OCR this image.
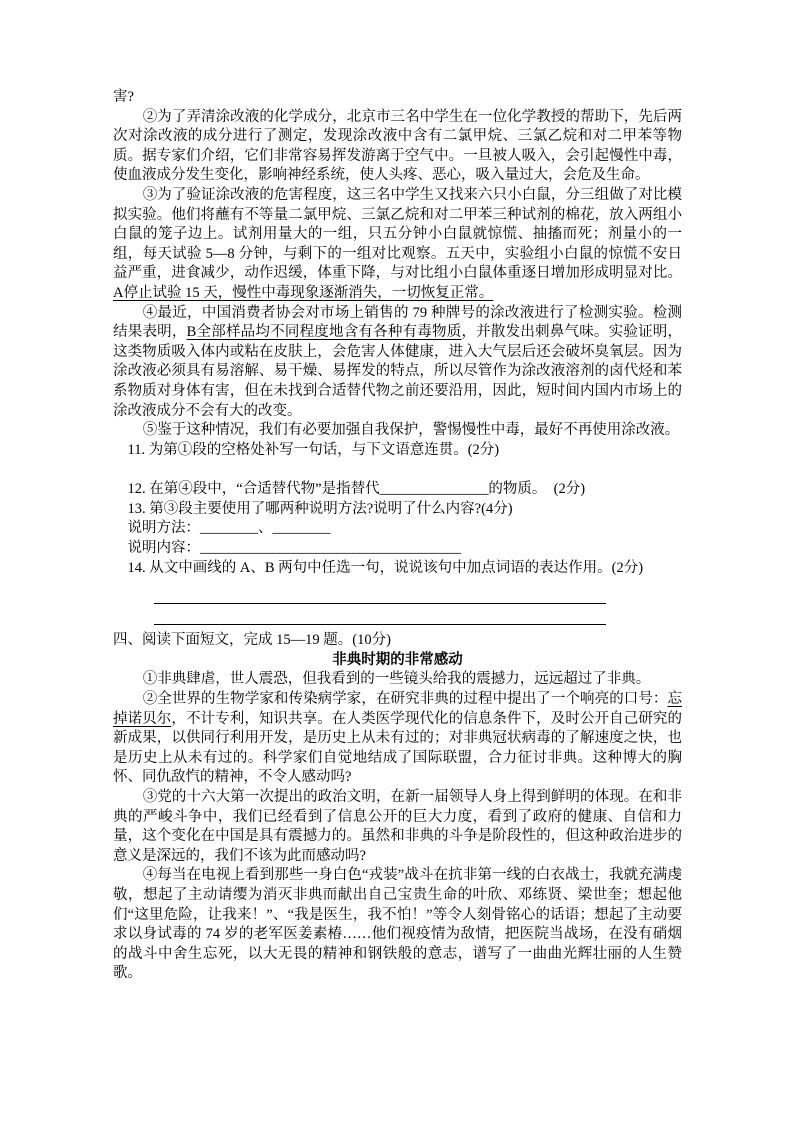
害?

②为了弄清涂改液的化学成分，北京市三名中学生在一位化学教授的帮助下，先后两次对涂改液的成分进行了测定，发现涂改液中含有二氯甲烷、三氯乙烷和对二甲苯等物质。据专家们介绍，它们非常容易挥发游离于空气中。一旦被人吸入，会引起慢性中毒，使血液成分发生变化，影响神经系统，使人头疼、恶心，吸入量过大，会危及生命。

③为了验证涂改液的危害程度，这三名中学生又找来六只小白鼠，分三组做了对比模拟实验。他们将蘸有不等量二氯甲烷、三氯乙烷和对二甲苯三种试剂的棉花，放入两组小白鼠的笼子边上。试剂用量大的一组，只五分钟小白鼠就惊慌、抽搐而死；剂量小的一组，每天试验 5—8 分钟，与剩下的一组对比观察。五天中，实验组小白鼠的惊慌不安日益严重，进食减少，动作迟缓，体重下降，与对比组小白鼠体重逐日增加形成明显对比。A停止试验 15 天，慢性中毒现象逐渐消失，一切恢复正常。

④最近，中国消费者协会对市场上销售的 79 种牌号的涂改液进行了检测实验。检测结果表明，B全部样品均不同程度地含有各种有毒物质，并散发出刺鼻气味。实验证明，这类物质吸入体内或粘在皮肤上，会危害人体健康，进入大气层后还会破坏臭氧层。因为涂改液必须具有易溶解、易干燥、易挥发的特点，所以尽管作为涂改液溶剂的卤代烃和苯系物质对身体有害，但在未找到合适替代物之前还要沿用，因此，短时间内国内市场上的涂改液成分不会有大的改变。

⑤鉴于这种情况，我们有必要加强自我保护，警惕慢性中毒，最好不再使用涂改液。

11. 为第①段的空格处补写一句话，与下文语意连贯。(2分)

12. 在第④段中，“合适替代物”是指替代_______________的物质。　(2分)

13. 第③段主要使用了哪两种说明方法?说明了什么内容?(4分)

说明方法：________、________

说明内容：____________________________________

14. 从文中画线的 A、B 两句中任选一句，说说该句中加点词语的表达作用。(2分)

四、阅读下面短文，完成 15—19 题。(10分)

非典时期的非常感动

①非典肆虐，世人震恐，但我看到的一些镜头给我的震撼力，远远超过了非典。

②全世界的生物学家和传染病学家，在研究非典的过程中提出了一个响亮的口号：忘掉诺贝尔，不计专利，知识共享。在人类医学现代化的信息条件下，及时公开自己研究的新成果，以供同行利用开发，是历史上从未有过的；对非典冠状病毒的了解速度之快，也是历史上从未有过的。科学家们自觉地结成了国际联盟，合力征讨非典。这种博大的胸怀、同仇敌忾的精神，不令人感动吗?

③党的十六大第一次提出的政治文明，在新一届领导人身上得到鲜明的体现。在和非典的严峻斗争中，我们已经看到了信息公开的巨大力度，看到了政府的健康、自信和力量，这个变化在中国是具有震撼力的。虽然和非典的斗争是阶段性的，但这种政治进步的意义是深远的，我们不该为此而感动吗?

④每当在电视上看到那些一身白色“戎装”战斗在抗非第一线的白衣战士，我就充满虔敬，想起了主动请缨为消灭非典而献出自己宝贵生命的叶欣、邓练贤、梁世奎；想起他们“这里危险，让我来！”、“我是医生，我不怕！”等令人刻骨铭心的话语；想起了主动要求以身试毒的 74 岁的老军医姜素椿……他们视疫情为敌情，把医院当战场，在没有硝烟的战斗中舍生忘死，以大无畏的精神和钢铁般的意志，谱写了一曲曲光辉壮丽的人生赞歌。
